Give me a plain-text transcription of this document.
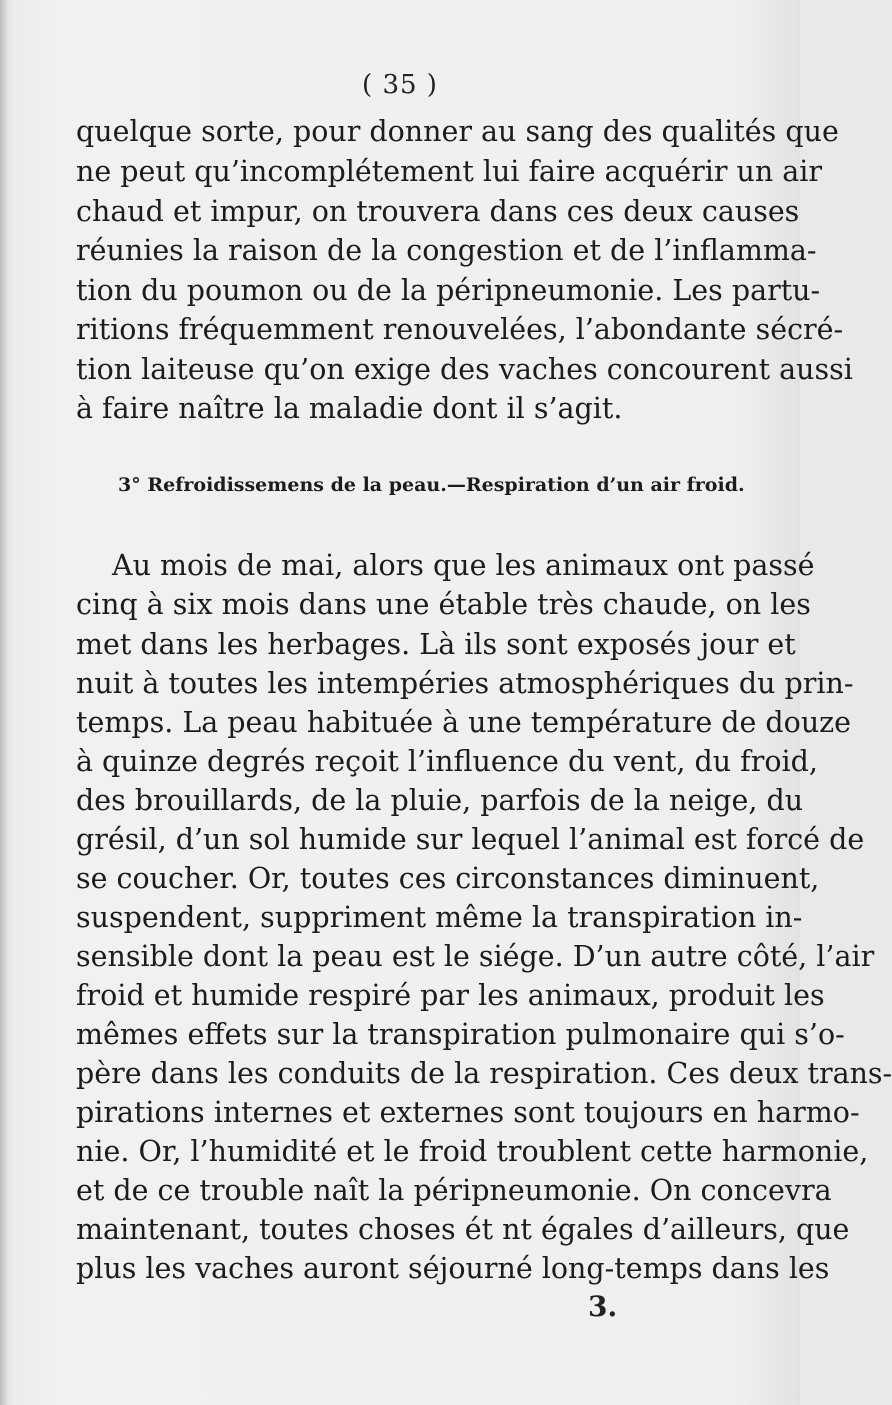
( 35 )
quelque sorte, pour donner au sang des qualités que
ne peut qu’incomplétement lui faire acquérir un air
chaud et impur, on trouvera dans ces deux causes
réunies la raison de la congestion et de l’inflamma-
tion du poumon ou de la péripneumonie. Les partu-
ritions fréquemment renouvelées, l’abondante sécré-
tion laiteuse qu’on exige des vaches concourent aussi
à faire naître la maladie dont il s’agit.
3° Refroidissemens de la peau.—Respiration d’un air froid.
Au mois de mai, alors que les animaux ont passé
cinq à six mois dans une étable très chaude, on les
met dans les herbages. Là ils sont exposés jour et
nuit à toutes les intempéries atmosphériques du prin-
temps. La peau habituée à une température de douze
à quinze degrés reçoit l’influence du vent, du froid,
des brouillards, de la pluie, parfois de la neige, du
grésil, d’un sol humide sur lequel l’animal est forcé de
se coucher. Or, toutes ces circonstances diminuent,
suspendent, suppriment même la transpiration in-
sensible dont la peau est le siége. D’un autre côté, l’air
froid et humide respiré par les animaux, produit les
mêmes effets sur la transpiration pulmonaire qui s’o-
père dans les conduits de la respiration. Ces deux trans-
pirations internes et externes sont toujours en harmo-
nie. Or, l’humidité et le froid troublent cette harmonie,
et de ce trouble naît la péripneumonie. On concevra
maintenant, toutes choses ét nt égales d’ailleurs, que
plus les vaches auront séjourné long-temps dans les
3.
